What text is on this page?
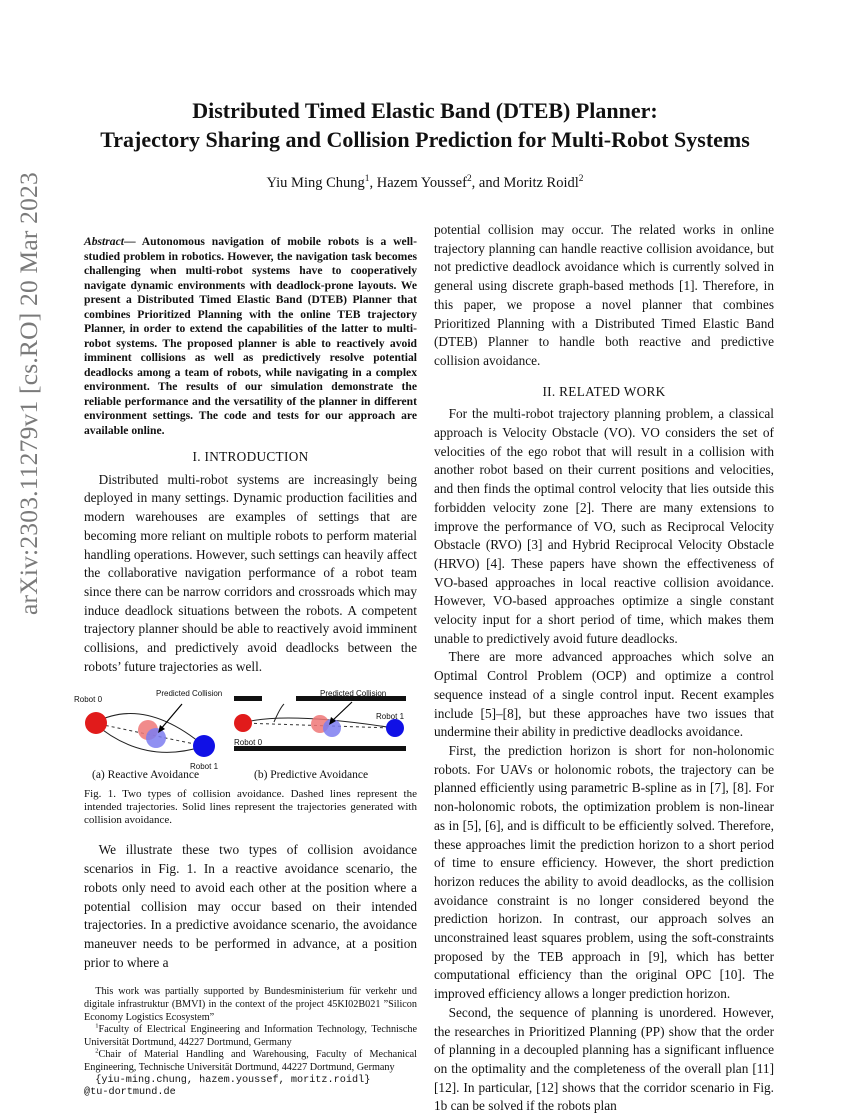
arXiv:2303.11279v1 [cs.RO] 20 Mar 2023
Distributed Timed Elastic Band (DTEB) Planner:
Trajectory Sharing and Collision Prediction for Multi-Robot Systems
Yiu Ming Chung$^1$, Hazem Youssef$^2$, and Moritz Roidl$^2$
Abstract— Autonomous navigation of mobile robots is a well-studied problem in robotics. However, the navigation task becomes challenging when multi-robot systems have to cooperatively navigate dynamic environments with deadlock-prone layouts. We present a Distributed Timed Elastic Band (DTEB) Planner that combines Prioritized Planning with the online TEB trajectory Planner, in order to extend the capabilities of the latter to multi-robot systems. The proposed planner is able to reactively avoid imminent collisions as well as predictively resolve potential deadlocks among a team of robots, while navigating in a complex environment. The results of our simulation demonstrate the reliable performance and the versatility of the planner in different environment settings. The code and tests for our approach are available online.
I. INTRODUCTION

Distributed multi-robot systems are increasingly being deployed in many settings. Dynamic production facilities and modern warehouses are examples of settings that are becoming more reliant on multiple robots to perform material handling operations. However, such settings can heavily affect the collaborative navigation performance of a robot team since there can be narrow corridors and crossroads which may induce deadlock situations between the robots. A competent trajectory planner should be able to reactively avoid imminent collisions, and predictively avoid deadlocks between the robots’ future trajectories as well.

Robot 0
Predicted Collision
Robot 1
Predicted Collision
Robot 1
Robot 0
(a) Reactive Avoidance	(b) Predictive Avoidance
Fig. 1. Two types of collision avoidance. Dashed lines represent the intended trajectories. Solid lines represent the trajectories generated with collision avoidance.

We illustrate these two types of collision avoidance scenarios in Fig. 1. In a reactive avoidance scenario, the robots only need to avoid each other at the position where a potential collision may occur based on their intended trajectories. In a predictive avoidance scenario, the avoidance maneuver needs to be performed in advance, at a position prior to where a

This work was partially supported by Bundesministerium für verkehr und digitale infrastruktur (BMVI) in the context of the project 45KI02B021 ”Silicon Economy Logistics Ecosystem”

$^1$Faculty of Electrical Engineering and Information Technology, Technische Universität Dortmund, 44227 Dortmund, Germany

$^2$Chair of Material Handling and Warehousing, Faculty of Mechanical Engineering, Technische Universität Dortmund, 44227 Dortmund, Germany

{yiu-ming.chung, hazem.youssef, moritz.roidl}

@tu-dortmund.de

potential collision may occur. The related works in online trajectory planning can handle reactive collision avoidance, but not predictive deadlock avoidance which is currently solved in general using discrete graph-based methods [1]. Therefore, in this paper, we propose a novel planner that combines Prioritized Planning with a Distributed Timed Elastic Band (DTEB) Planner to handle both reactive and predictive collision avoidance.

II. RELATED WORK

For the multi-robot trajectory planning problem, a classical approach is Velocity Obstacle (VO). VO considers the set of velocities of the ego robot that will result in a collision with another robot based on their current positions and velocities, and then finds the optimal control velocity that lies outside this forbidden velocity zone [2]. There are many extensions to improve the performance of VO, such as Reciprocal Velocity Obstacle (RVO) [3] and Hybrid Reciprocal Velocity Obstacle (HRVO) [4]. These papers have shown the effectiveness of VO-based approaches in local reactive collision avoidance. However, VO-based approaches optimize a single constant velocity input for a short period of time, which makes them unable to predictively avoid future deadlocks.

There are more advanced approaches which solve an Optimal Control Problem (OCP) and optimize a control sequence instead of a single control input. Recent examples include [5]–[8], but these approaches have two issues that undermine their ability in predictive deadlocks avoidance.

First, the prediction horizon is short for non-holonomic robots. For UAVs or holonomic robots, the trajectory can be planned efficiently using parametric B-spline as in [7], [8]. For non-holonomic robots, the optimization problem is non-linear as in [5], [6], and is difficult to be efficiently solved. Therefore, these approaches limit the prediction horizon to a short period of time to ensure efficiency. However, the short prediction horizon reduces the ability to avoid deadlocks, as the collision avoidance constraint is no longer considered beyond the prediction horizon. In contrast, our approach solves an unconstrained least squares problem, using the soft-constraints proposed by the TEB approach in [9], which has better computational efficiency than the original OPC [10]. The improved efficiency allows a longer prediction horizon.

Second, the sequence of planning is unordered. However, the researches in Prioritized Planning (PP) show that the order of planning in a decoupled planning has a significant influence on the optimality and the completeness of the overall plan [11] [12]. In particular, [12] shows that the corridor scenario in Fig. 1b can be solved if the robots plan
